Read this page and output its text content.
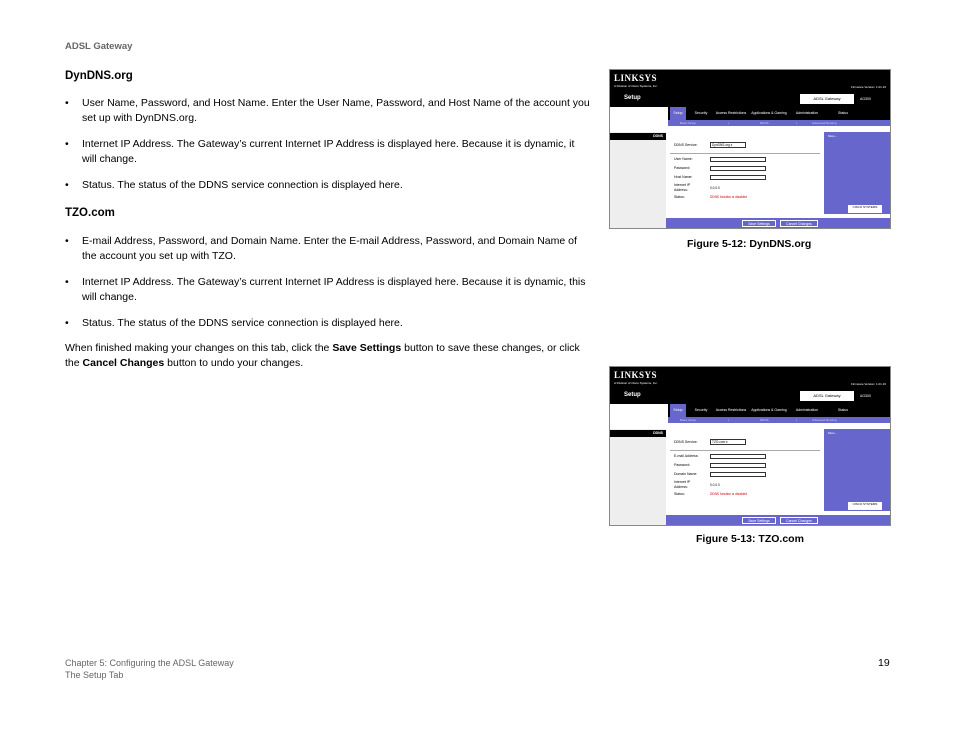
ADSL Gateway
DynDNS.org
•	User Name, Password, and Host Name. Enter the User Name, Password, and Host Name of the account you set up with DynDNS.org.
•	Internet IP Address. The Gateway’s current Internet IP Address is displayed here. Because it is dynamic, it will change.
•	Status. The status of the DDNS service connection is displayed here.
TZO.com
•	E-mail Address, Password, and Domain Name. Enter the E-mail Address, Password, and Domain Name of the account you set up with TZO.
•	Internet IP Address. The Gateway’s current Internet IP Address is displayed here. Because it is dynamic, this will change.
•	Status. The status of the DDNS service connection is displayed here.
When finished making your changes on this tab, click the Save Settings button to save these changes, or click the Cancel Changes button to undo your changes.
LINKSYS
A Division of Cisco Systems, Inc.	Firmware Version: 1.01.16
Setup	ADSL Gateway	AG300
Setup	Security	Access Restrictions	Applications & Gaming	Administration	Status
Basic Setup	|	DDNS	|	Advanced Routing
DDNS	More...
CISCO SYSTEMS
DDNS Service:	DynDNS.org ▾
User Name:
Password:
Host Name:
Internet IP Address:	0.0.0.0
Status:	DDNS function is disabled
Save Settings	Cancel Changes
Figure 5-12: DynDNS.org
LINKSYS
A Division of Cisco Systems, Inc.	Firmware Version: 1.01.16
Setup	ADSL Gateway	AG300
Setup	Security	Access Restrictions	Applications & Gaming	Administration	Status
Basic Setup	|	DDNS	|	Advanced Routing
DDNS	More...
CISCO SYSTEMS
DDNS Service:	TZO.com ▾
E-mail Address:
Password:
Domain Name:
Internet IP Address:	0.0.0.0
Status:	DDNS function is disabled
Save Settings	Cancel Changes
Figure 5-13: TZO.com
Chapter 5: Configuring the ADSL Gateway
The Setup Tab
19
